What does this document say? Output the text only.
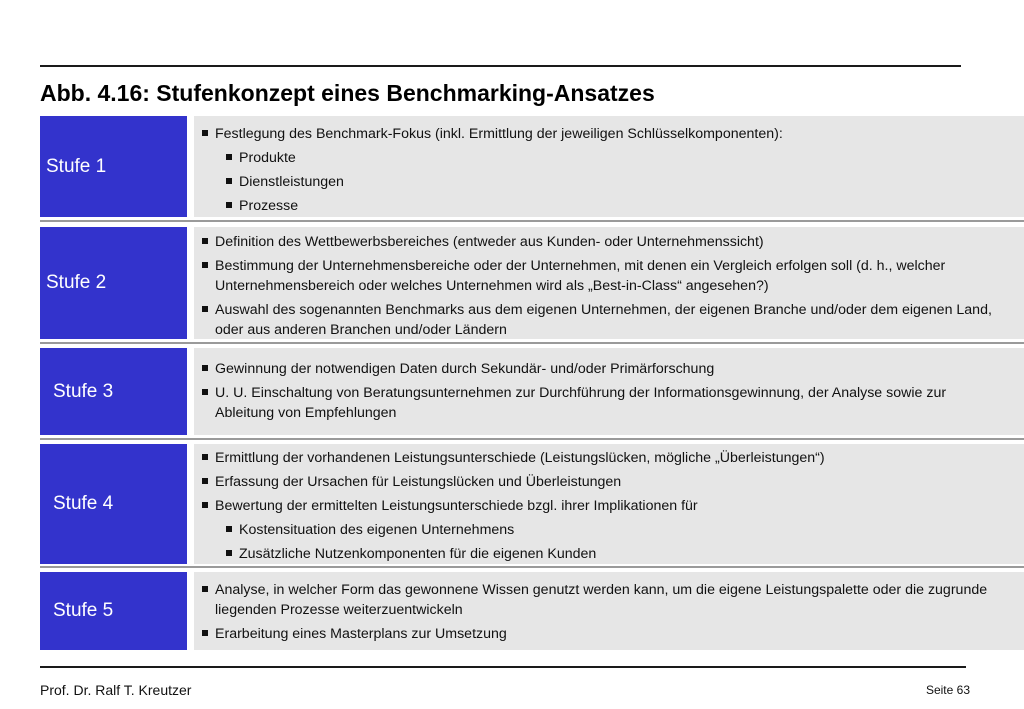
Abb. 4.16: Stufenkonzept eines Benchmarking-Ansatzes
Stufe 1
Festlegung des Benchmark-Fokus (inkl. Ermittlung der jeweiligen Schlüsselkomponenten):
Produkte
Dienstleistungen
Prozesse
Stufe 2
Definition des Wettbewerbsbereiches (entweder aus Kunden- oder Unternehmenssicht)
Bestimmung der Unternehmensbereiche oder der Unternehmen, mit denen ein Vergleich erfolgen soll (d. h., welcher Unternehmensbereich oder welches Unternehmen wird als „Best-in-Class“ angesehen?)
Auswahl des sogenannten Benchmarks aus dem eigenen Unternehmen, der eigenen Branche und/oder dem eigenen Land, oder aus anderen Branchen und/oder Ländern
Stufe 3
Gewinnung der notwendigen Daten durch Sekundär- und/oder Primärforschung
U. U. Einschaltung von Beratungsunternehmen zur Durchführung der Informationsgewinnung, der Analyse sowie zur Ableitung von Empfehlungen
Stufe 4
Ermittlung der vorhandenen Leistungsunterschiede (Leistungslücken, mögliche „Überleistungen“)
Erfassung der Ursachen für Leistungslücken und Überleistungen
Bewertung der ermittelten Leistungsunterschiede bzgl. ihrer Implikationen für
Kostensituation des eigenen Unternehmens
Zusätzliche Nutzenkomponenten für die eigenen Kunden
Stufe 5
Analyse, in welcher Form das gewonnene Wissen genutzt werden kann, um die eigene Leistungspalette oder die zugrunde liegenden Prozesse weiterzuentwickeln
Erarbeitung eines Masterplans zur Umsetzung
Prof. Dr. Ralf T. Kreutzer	Seite 63
